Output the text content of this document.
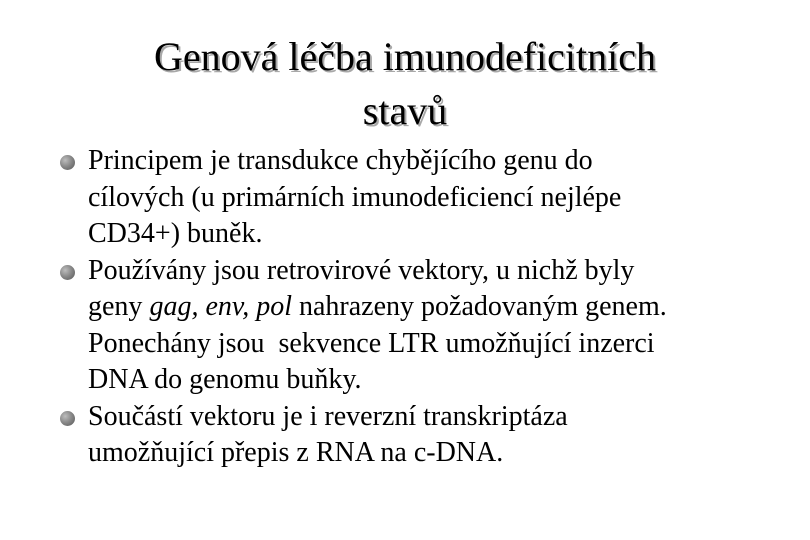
Genová léčba imunodeficitních
stavů
Principem je transdukce chybějícího genu do
cílových (u primárních imunodeficiencí nejlépe
CD34+) buněk.
Používány jsou retrovirové vektory, u nichž byly
geny gag, env, pol nahrazeny požadovaným genem.
Ponechány jsou  sekvence LTR umožňující inzerci
DNA do genomu buňky.
Součástí vektoru je i reverzní transkriptáza
umožňující přepis z RNA na c-DNA.
